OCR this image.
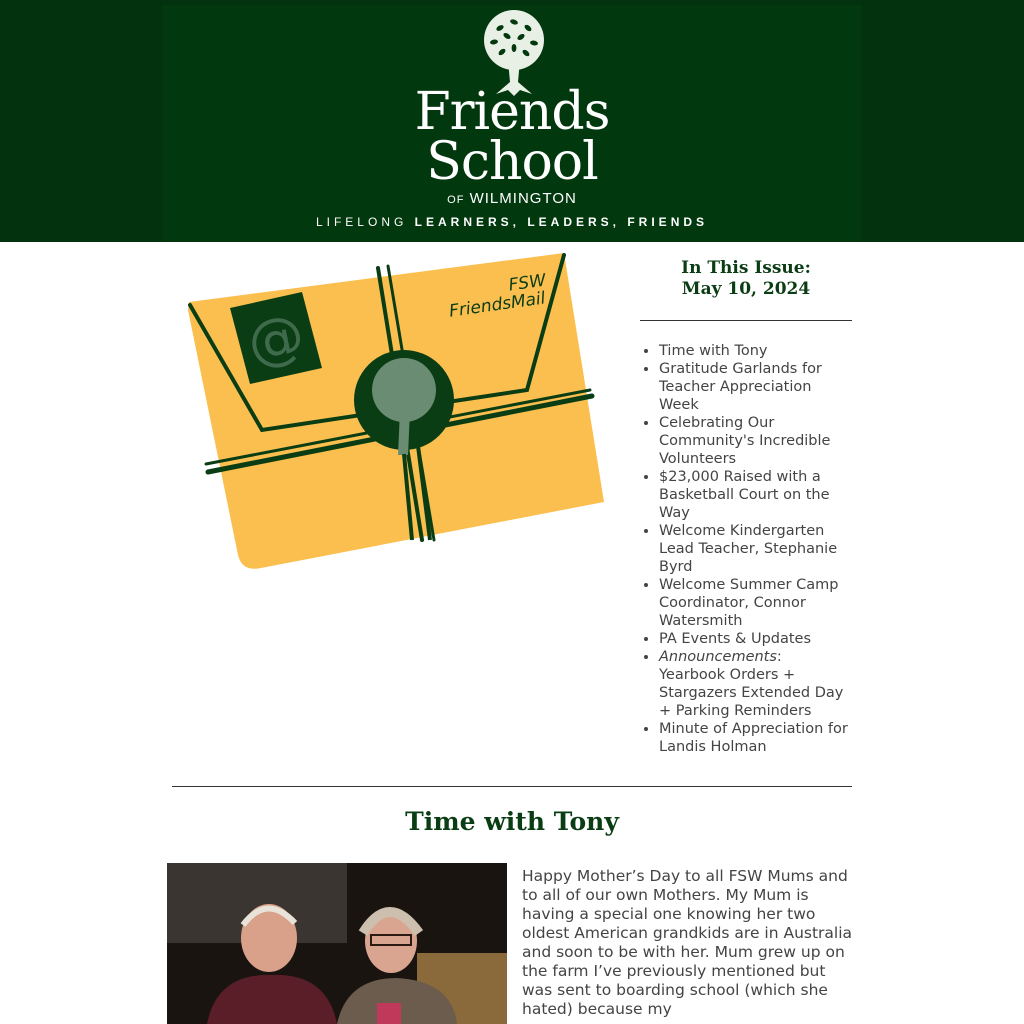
Friends
School
OF WILMINGTON
LIFELONG LEARNERS, LEADERS, FRIENDS
@
FSW
FriendsMail
In This Issue:
May 10, 2024
• Time with Tony
• Gratitude Garlands for Teacher Appreciation Week
• Celebrating Our Community's Incredible Volunteers
• $23,000 Raised with a Basketball Court on the Way
• Welcome Kindergarten Lead Teacher, Stephanie Byrd
• Welcome Summer Camp Coordinator, Connor Watersmith
• PA Events & Updates
• Announcements: Yearbook Orders + Stargazers Extended Day + Parking Reminders
• Minute of Appreciation for Landis Holman
Time with Tony
Happy Mother’s Day to all FSW Mums and to all of our own Mothers. My Mum is having a special one knowing her two oldest American grandkids are in Australia and soon to be with her. Mum grew up on the farm I’ve previously mentioned but was sent to boarding school (which she hated) because my
